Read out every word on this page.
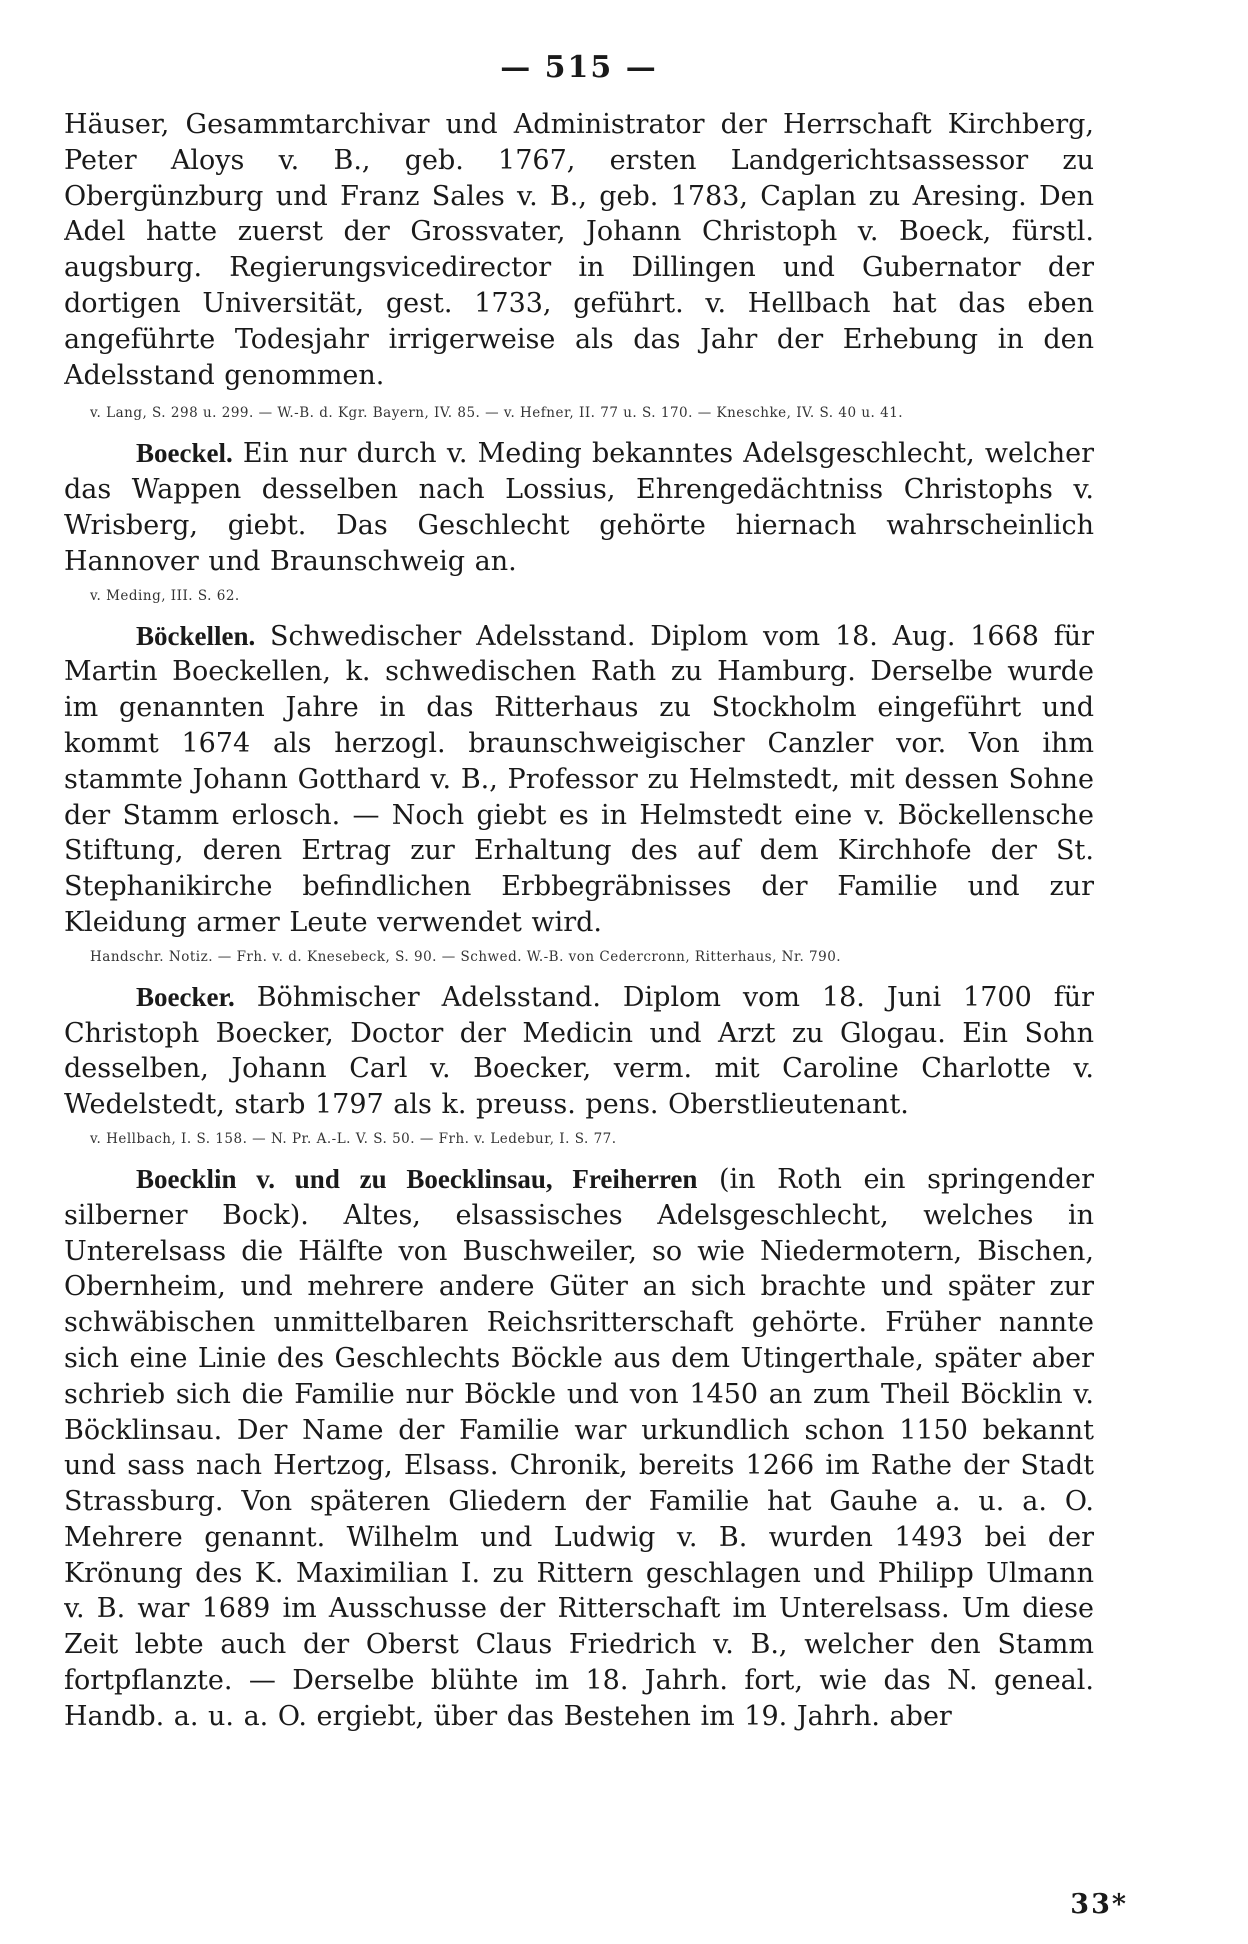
— 515 —

Häuser, Gesammtarchivar und Administrator der Herrschaft Kirchberg, Peter Aloys v. B., geb. 1767, ersten Landgerichtsassessor zu Obergünzburg und Franz Sales v. B., geb. 1783, Caplan zu Aresing. Den Adel hatte zuerst der Grossvater, Johann Christoph v. Boeck, fürstl. augsburg. Regierungsvicedirector in Dillingen und Gubernator der dortigen Universität, gest. 1733, geführt. v. Hellbach hat das eben angeführte Todesjahr irrigerweise als das Jahr der Erhebung in den Adelsstand genommen.

v. Lang, S. 298 u. 299. — W.-B. d. Kgr. Bayern, IV. 85. — v. Hefner, II. 77 u. S. 170. — Kneschke, IV. S. 40 u. 41.

Boeckel. Ein nur durch v. Meding bekanntes Adelsgeschlecht, welcher das Wappen desselben nach Lossius, Ehrengedächtniss Christophs v. Wrisberg, giebt. Das Geschlecht gehörte hiernach wahrscheinlich Hannover und Braunschweig an.

v. Meding, III. S. 62.

Böckellen. Schwedischer Adelsstand. Diplom vom 18. Aug. 1668 für Martin Boeckellen, k. schwedischen Rath zu Hamburg. Derselbe wurde im genannten Jahre in das Ritterhaus zu Stockholm eingeführt und kommt 1674 als herzogl. braunschweigischer Canzler vor. Von ihm stammte Johann Gotthard v. B., Professor zu Helmstedt, mit dessen Sohne der Stamm erlosch. — Noch giebt es in Helmstedt eine v. Böckellensche Stiftung, deren Ertrag zur Erhaltung des auf dem Kirchhofe der St. Stephanikirche befindlichen Erbbegräbnisses der Familie und zur Kleidung armer Leute verwendet wird.

Handschr. Notiz. — Frh. v. d. Knesebeck, S. 90. — Schwed. W.-B. von Cedercronn, Ritterhaus, Nr. 790.

Boecker. Böhmischer Adelsstand. Diplom vom 18. Juni 1700 für Christoph Boecker, Doctor der Medicin und Arzt zu Glogau. Ein Sohn desselben, Johann Carl v. Boecker, verm. mit Caroline Charlotte v. Wedelstedt, starb 1797 als k. preuss. pens. Oberstlieutenant.

v. Hellbach, I. S. 158. — N. Pr. A.-L. V. S. 50. — Frh. v. Ledebur, I. S. 77.

Boecklin v. und zu Boecklinsau, Freiherren (in Roth ein springender silberner Bock). Altes, elsassisches Adelsgeschlecht, welches in Unterelsass die Hälfte von Buschweiler, so wie Niedermotern, Bischen, Obernheim, und mehrere andere Güter an sich brachte und später zur schwäbischen unmittelbaren Reichsritterschaft gehörte. Früher nannte sich eine Linie des Geschlechts Böckle aus dem Utingerthale, später aber schrieb sich die Familie nur Böckle und von 1450 an zum Theil Böcklin v. Böcklinsau. Der Name der Familie war urkundlich schon 1150 bekannt und sass nach Hertzog, Elsass. Chronik, bereits 1266 im Rathe der Stadt Strassburg. Von späteren Gliedern der Familie hat Gauhe a. u. a. O. Mehrere genannt. Wilhelm und Ludwig v. B. wurden 1493 bei der Krönung des K. Maximilian I. zu Rittern geschlagen und Philipp Ulmann v. B. war 1689 im Ausschusse der Ritterschaft im Unterelsass. Um diese Zeit lebte auch der Oberst Claus Friedrich v. B., welcher den Stamm fortpflanzte. — Derselbe blühte im 18. Jahrh. fort, wie das N. geneal. Handb. a. u. a. O. ergiebt, über das Bestehen im 19. Jahrh. aber

33*
